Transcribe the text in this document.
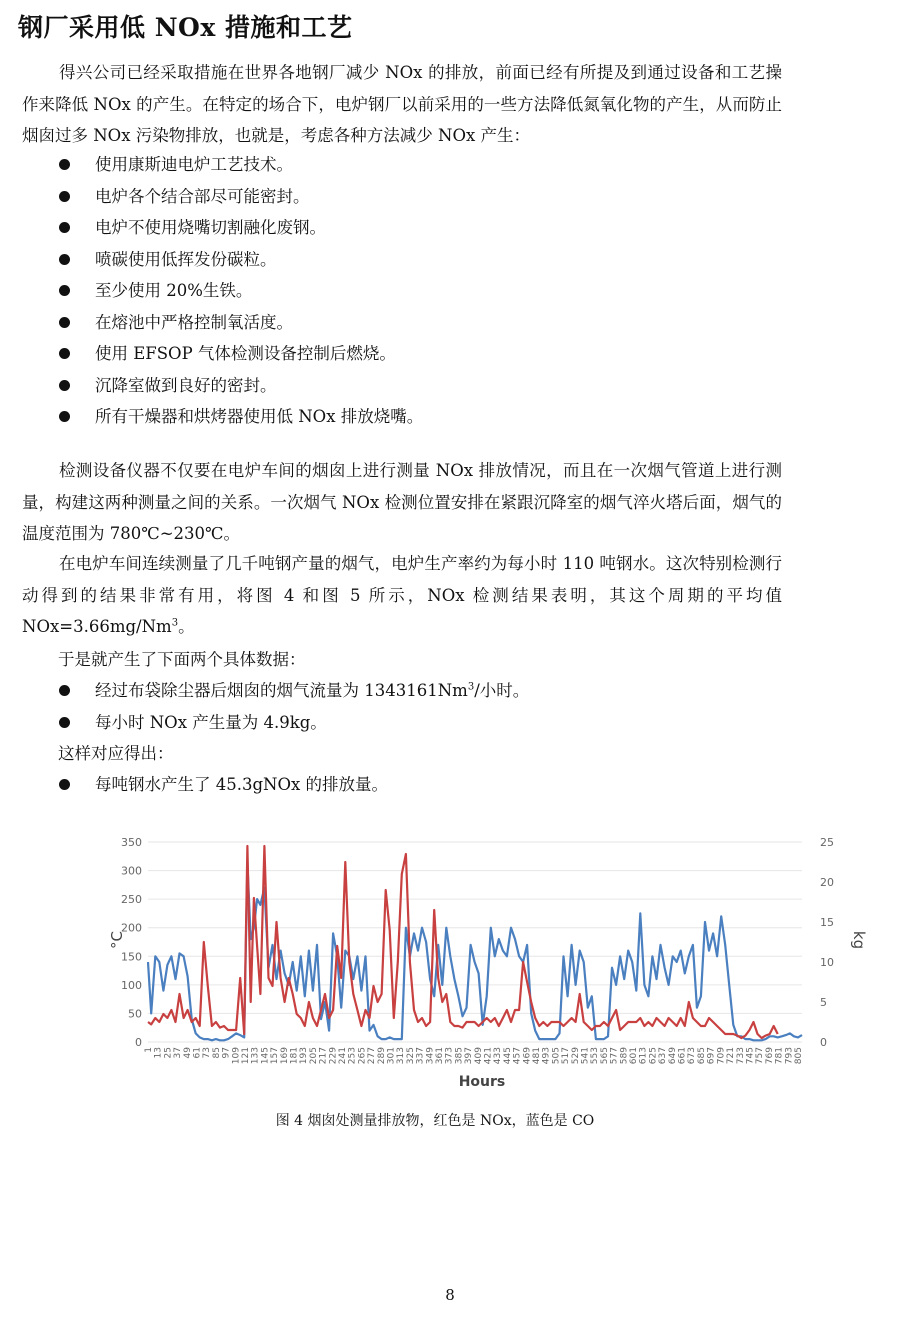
钢厂采用低 NOx 措施和工艺

得兴公司已经采取措施在世界各地钢厂减少 NOx 的排放，前面已经有所提及到通过设备和工艺操作来降低 NOx 的产生。在特定的场合下，电炉钢厂以前采用的一些方法降低氮氧化物的产生，从而防止烟囱过多 NOx 污染物排放，也就是，考虑各种方法减少 NOx 产生：

使用康斯迪电炉工艺技术。
电炉各个结合部尽可能密封。
电炉不使用烧嘴切割融化废钢。
喷碳使用低挥发份碳粒。
至少使用 20%生铁。
在熔池中严格控制氧活度。
使用 EFSOP 气体检测设备控制后燃烧。
沉降室做到良好的密封。
所有干燥器和烘烤器使用低 NOx 排放烧嘴。

检测设备仪器不仅要在电炉车间的烟囱上进行测量 NOx 排放情况，而且在一次烟气管道上进行测量，构建这两种测量之间的关系。一次烟气 NOx 检测位置安排在紧跟沉降室的烟气淬火塔后面，烟气的温度范围为 780℃~230℃。

在电炉车间连续测量了几千吨钢产量的烟气，电炉生产率约为每小时 110 吨钢水。这次特别检测行动得到的结果非常有用，将图 4 和图 5 所示，NOx 检测结果表明，其这个周期的平均值 $NOx=3.66mg/Nm^3$。

于是就产生了下面两个具体数据：

经过布袋除尘器后烟囱的烟气流量为 1343161Nm$^3$/小时。
每小时 NOx 产生量为 4.9kg。

这样对应得出：

每吨钢水产生了 45.3gNOx 的排放量。
0
50
100
150
200
250
300
350
0
5
10
15
20
25
1 13 25 37 49 61 73 85 97 109 121 133 145 157 169 181 193 205 217 229 241 253 265 277 289 301 313 325 337 349 361 373 385 397 409 421 433 445 457 469 481 493 505 517 529 541 553 565 577 589 601 613 625 637 649 661 673 685 697 709 721 733 745 757 769 781 793 805
Hours
°C	kg
图 4 烟囱处测量排放物，红色是 NOx，蓝色是 CO
8
